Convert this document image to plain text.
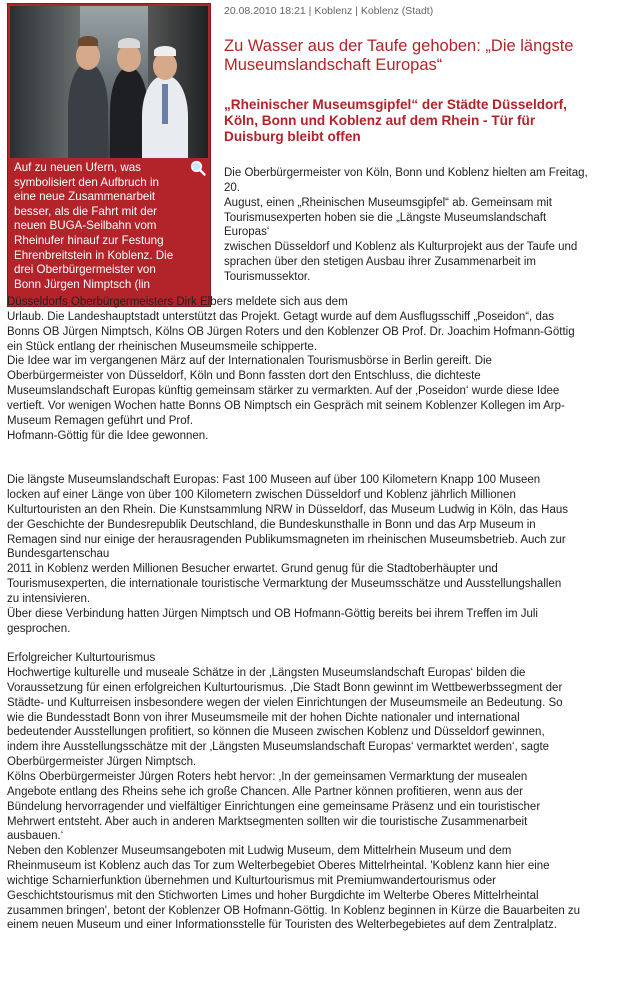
Auf zu neuen Ufern, was
symbolisiert den Aufbruch in
eine neue Zusammenarbeit
besser, als die Fahrt mit der
neuen BUGA-Seilbahn vom
Rheinufer hinauf zur Festung
Ehrenbreitstein in Koblenz. Die
drei Oberbürgermeister von
Bonn Jürgen Nimptsch (lin
20.08.2010 18:21 | Koblenz | Koblenz (Stadt)
Zu Wasser aus der Taufe gehoben: „Die längste
Museumslandschaft Europas“
„Rheinischer Museumsgipfel“ der Städte Düsseldorf,
Köln, Bonn und Koblenz auf dem Rhein - Tür für
Duisburg bleibt offen
Die Oberbürgermeister von Köln, Bonn und Koblenz hielten am Freitag,
20.
August, einen „Rheinischen Museumsgipfel“ ab. Gemeinsam mit
Tourismusexperten hoben sie die „Längste Museumslandschaft
Europas‘
zwischen Düsseldorf und Koblenz als Kulturprojekt aus der Taufe und
sprachen über den stetigen Ausbau ihrer Zusammenarbeit im
Tourismussektor.
Düsseldorfs Oberbürgermeisters Dirk Elbers meldete sich aus dem
Urlaub. Die Landeshauptstadt unterstützt das Projekt. Getagt wurde auf dem Ausflugsschiff „Poseidon“, das
Bonns OB Jürgen Nimptsch, Kölns OB Jürgen Roters und den Koblenzer OB Prof. Dr. Joachim Hofmann-Göttig
ein Stück entlang der rheinischen Museumsmeile schipperte.
Die Idee war im vergangenen März auf der Internationalen Tourismusbörse in Berlin gereift. Die
Oberbürgermeister von Düsseldorf, Köln und Bonn fassten dort den Entschluss, die dichteste
Museumslandschaft Europas künftig gemeinsam stärker zu vermarkten. Auf der ‚Poseidon‘ wurde diese Idee
vertieft. Vor wenigen Wochen hatte Bonns OB Nimptsch ein Gespräch mit seinem Koblenzer Kollegen im Arp-
Museum Remagen geführt und Prof.
Hofmann-Göttig für die Idee gewonnen.
Die längste Museumslandschaft Europas: Fast 100 Museen auf über 100 Kilometern Knapp 100 Museen
locken auf einer Länge von über 100 Kilometern zwischen Düsseldorf und Koblenz jährlich Millionen
Kulturtouristen an den Rhein. Die Kunstsammlung NRW in Düsseldorf, das Museum Ludwig in Köln, das Haus
der Geschichte der Bundesrepublik Deutschland, die Bundeskunsthalle in Bonn und das Arp Museum in
Remagen sind nur einige der herausragenden Publikumsmagneten im rheinischen Museumsbetrieb. Auch zur
Bundesgartenschau
2011 in Koblenz werden Millionen Besucher erwartet. Grund genug für die Stadtoberhäupter und
Tourismusexperten, die internationale touristische Vermarktung der Museumsschätze und Ausstellungshallen
zu intensivieren.
Über diese Verbindung hatten Jürgen Nimptsch und OB Hofmann-Göttig bereits bei ihrem Treffen im Juli
gesprochen.
Erfolgreicher Kulturtourismus
Hochwertige kulturelle und museale Schätze in der ‚Längsten Museumslandschaft Europas‘ bilden die
Voraussetzung für einen erfolgreichen Kulturtourismus. ‚Die Stadt Bonn gewinnt im Wettbewerbssegment der
Städte- und Kulturreisen insbesondere wegen der vielen Einrichtungen der Museumsmeile an Bedeutung. So
wie die Bundesstadt Bonn von ihrer Museumsmeile mit der hohen Dichte nationaler und international
bedeutender Ausstellungen profitiert, so können die Museen zwischen Koblenz und Düsseldorf gewinnen,
indem ihre Ausstellungsschätze mit der ‚Längsten Museumslandschaft Europas‘ vermarktet werden‘, sagte
Oberbürgermeister Jürgen Nimptsch.
Kölns Oberbürgermeister Jürgen Roters hebt hervor: ‚In der gemeinsamen Vermarktung der musealen
Angebote entlang des Rheins sehe ich große Chancen. Alle Partner können profitieren, wenn aus der
Bündelung hervorragender und vielfältiger Einrichtungen eine gemeinsame Präsenz und ein touristischer
Mehrwert entsteht. Aber auch in anderen Marktsegmenten sollten wir die touristische Zusammenarbeit
ausbauen.‘
Neben den Koblenzer Museumsangeboten mit Ludwig Museum, dem Mittelrhein Museum und dem
Rheinmuseum ist Koblenz auch das Tor zum Welterbegebiet Oberes Mittelrheintal. 'Koblenz kann hier eine
wichtige Scharnierfunktion übernehmen und Kulturtourismus mit Premiumwandertourismus oder
Geschichtstourismus mit den Stichworten Limes und hoher Burgdichte im Welterbe Oberes Mittelrheintal
zusammen bringen', betont der Koblenzer OB Hofmann-Göttig. In Koblenz beginnen in Kürze die Bauarbeiten zu
einem neuen Museum und einer Informationsstelle für Touristen des Welterbegebietes auf dem Zentralplatz.
